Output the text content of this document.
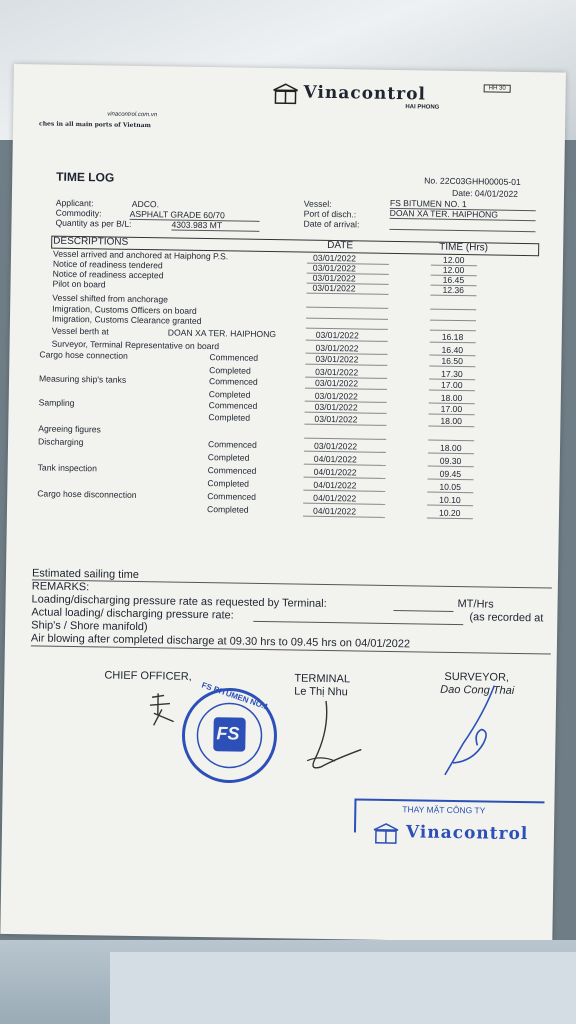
Vinacontrol
HAI PHONG
HH 30
vinacontrol.com.vn
ches in all main ports of Vietnam
TIME LOG	No. 22C03GHH00005-01
Date: 04/01/2022
Applicant:	ADCO.
Commodity:	ASPHALT GRADE 60/70
Quantity as per B/L:	4303.983 MT
Vessel:	FS BITUMEN NO. 1
Port of disch.:	DOAN XA TER. HAIPHONG
Date of arrival:
DESCRIPTIONS	DATE	TIME (Hrs)
Vessel arrived and anchored at Haiphong P.S.	03/01/2022	12.00
Notice of readiness tendered	03/01/2022	12.00
Notice of readiness accepted	03/01/2022	16.45
Pilot on board	03/01/2022	12.36
Vessel shifted from anchorage
Imigration, Customs Officers on board
Imigration, Customs Clearance granted
Vessel berth at	DOAN XA TER. HAIPHONG	03/01/2022	16.18
Surveyor, Terminal Representative on board	03/01/2022	16.40
Cargo hose connection	Commenced	03/01/2022	16.50
Completed	03/01/2022	17.30
Measuring ship's tanks	Commenced	03/01/2022	17.00
Completed	03/01/2022	18.00
Sampling	Commenced	03/01/2022	17.00
Completed	03/01/2022	18.00
Agreeing figures
Discharging	Commenced	03/01/2022	18.00
Completed	04/01/2022	09.30
Tank inspection	Commenced	04/01/2022	09.45
Completed	04/01/2022	10.05
Cargo hose disconnection	Commenced	04/01/2022	10.10
Completed	04/01/2022	10.20
Estimated sailing time
REMARKS:
Loading/discharging pressure rate as requested by Terminal:	MT/Hrs
Actual loading/ discharging pressure rate:	(as recorded at
Ship's / Shore manifold)
Air blowing after completed discharge at 09.30 hrs to 09.45 hrs on 04/01/2022
CHIEF OFFICER,	TERMINAL
Le Thị Nhu
SURVEYOR,
Dao Cong Thai
FS
FS BITUMEN NO.1
THAY MẶT CÔNG TY
Vinacontrol
